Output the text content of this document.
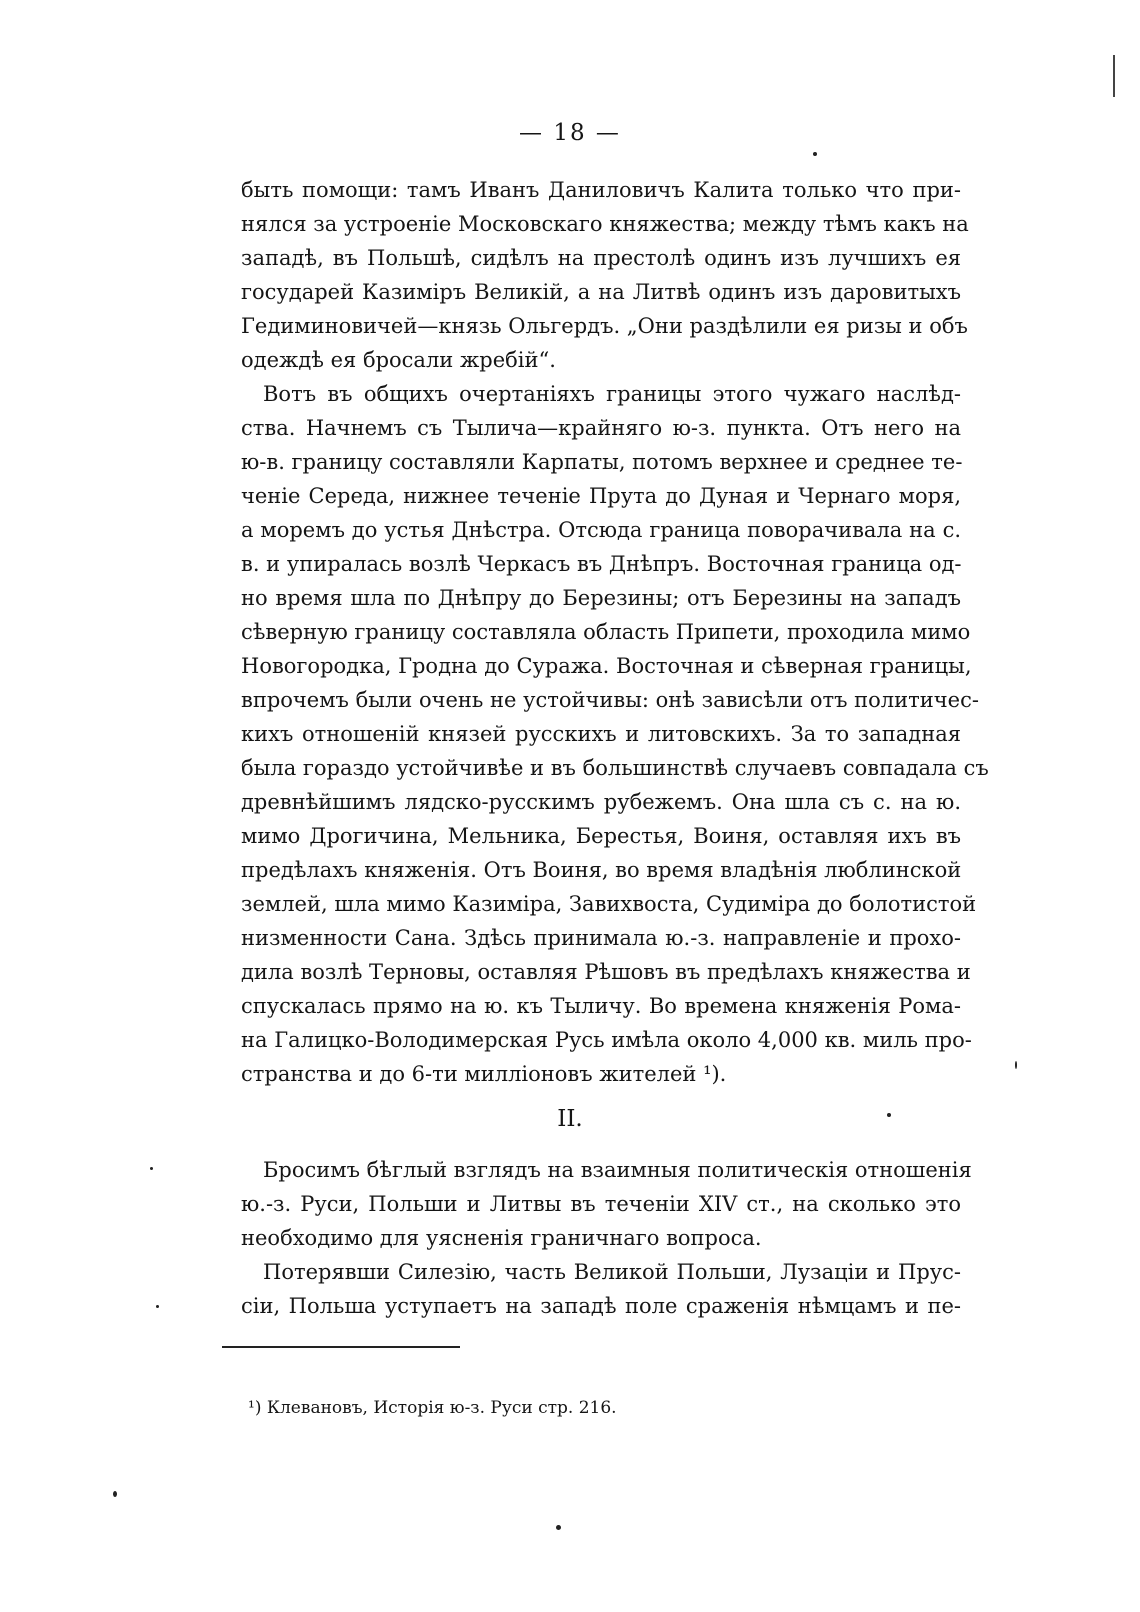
— 18 —
быть помощи: тамъ Иванъ Даниловичъ Калита только что при-
нялся за устроеніе Московскаго княжества; между тѣмъ какъ на
западѣ, въ Польшѣ, сидѣлъ на престолѣ одинъ изъ лучшихъ ея
государей Казиміръ Великій, а на Литвѣ одинъ изъ даровитыхъ
Гедиминовичей—князь Ольгердъ. „Они раздѣлили ея ризы и объ
одеждѣ ея бросали жребій“.
Вотъ въ общихъ очертаніяхъ границы этого чужаго наслѣд-
ства. Начнемъ съ Тылича—крайняго ю-з. пункта. Отъ него на
ю-в. границу составляли Карпаты, потомъ верхнее и среднее те-
ченіе Середа, нижнее теченіе Прута до Дуная и Чернаго моря,
а моремъ до устья Днѣстра. Отсюда граница поворачивала на с.
в. и упиралась возлѣ Черкасъ въ Днѣпръ. Восточная граница од-
но время шла по Днѣпру до Березины; отъ Березины на западъ
сѣверную границу составляла область Припети, проходила мимо
Новогородка, Гродна до Суража. Восточная и сѣверная границы,
впрочемъ были очень не устойчивы: онѣ зависѣли отъ политичес-
кихъ отношеній князей русскихъ и литовскихъ. За то западная
была гораздо устойчивѣе и въ большинствѣ случаевъ совпадала съ
древнѣйшимъ лядско-русскимъ рубежемъ. Она шла съ с. на ю.
мимо Дрогичина, Мельника, Берестья, Воиня, оставляя ихъ въ
предѣлахъ княженія. Отъ Воиня, во время владѣнія люблинской
землей, шла мимо Казиміра, Завихвоста, Судиміра до болотистой
низменности Сана. Здѣсь принимала ю.-з. направленіе и прохо-
дила возлѣ Терновы, оставляя Рѣшовъ въ предѣлахъ княжества и
спускалась прямо на ю. къ Тыличу. Во времена княженія Рома-
на Галицко-Володимерская Русь имѣла около 4,000 кв. миль про-
странства и до 6-ти милліоновъ жителей ¹).
II.
Бросимъ бѣглый взглядъ на взаимныя политическія отношенія
ю.-з. Руси, Польши и Литвы въ теченіи XIV ст., на сколько это
необходимо для уясненія граничнаго вопроса.
Потерявши Силезію, часть Великой Польши, Лузаціи и Прус-
сіи, Польша уступаетъ на западѣ поле сраженія нѣмцамъ и пе-
¹) Клевановъ, Исторія ю-з. Руси стр. 216.
